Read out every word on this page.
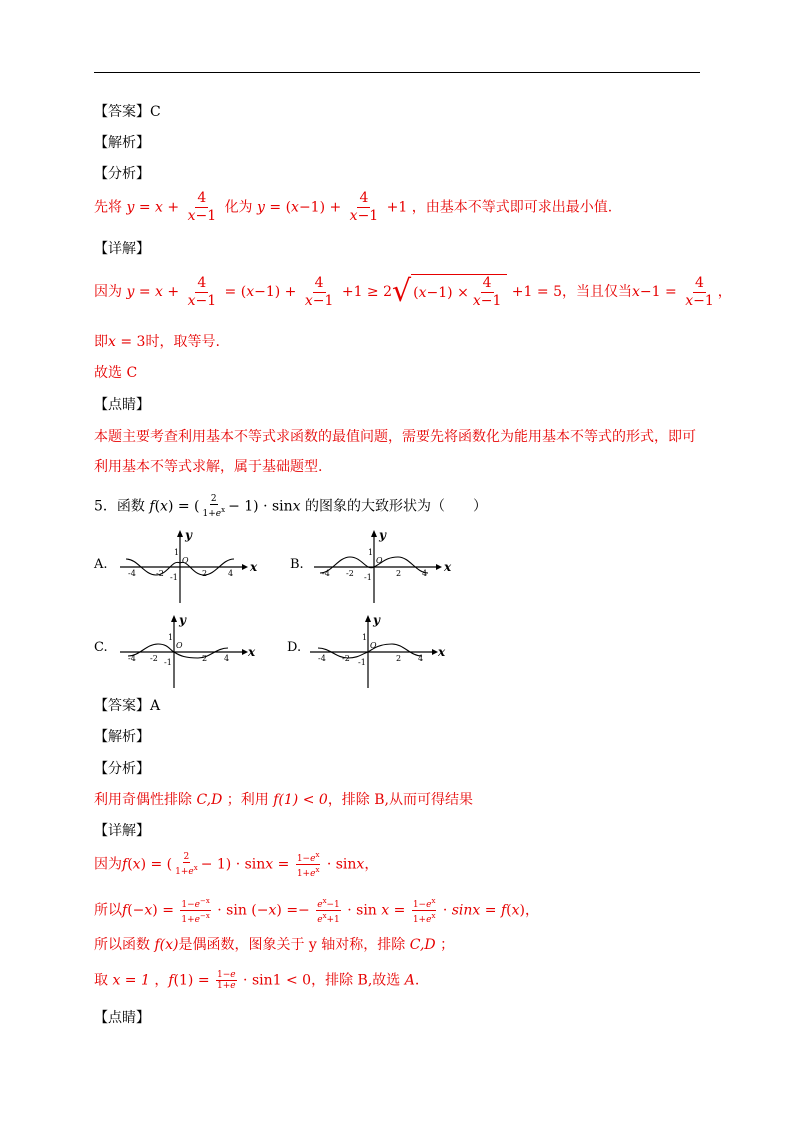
【答案】C
【解析】
【分析】
先将 $y = x + \frac{4}{x-1}$ 化为 $y = (x-1) + \frac{4}{x-1} +1$ ，由基本不等式即可求出最小值.
【详解】
因为 $y = x + \frac{4}{x-1} = (x-1) + \frac{4}{x-1} +1 \ge 2$ √ ( $x -1) \times \frac{4}{x-1} +1 = 5$，当且仅当$x-1 = \frac{4}{x-1}$ ，
即x = 3时，取等号.
故选 C
【点睛】
本题主要考查利用基本不等式求函数的最值问题，需要先将函数化为能用基本不等式的形式，即可
利用基本不等式求解，属于基础题型.
5．函数 f(x) = ( $\frac{2}{1+e^x} - 1) \cdot \sin x$ 的图象的大致形状为（　　）
A.
-4	-2	2	4
1
-1
O
y
x	B.
-4 -2	2	4
1
-1
O
y
x
C.
-4 -2	2 4
1
-1
O
y
x D.
-4 -2	2 4
1
-1
O
y
x
【答案】A
【解析】
【分析】
利用奇偶性排除 C,D ；利用 f(1) < 0，排除 B,从而可得结果
【详解】
因为f(x) = ( $\frac{2}{1+e^x} - 1) \cdot \sin x = \frac{1-e^x}{1+e^x} \cdot \sin x$，
所以$f(-x) = \frac{1-e^{-x}}{1+e^{-x}} \cdot \sin (-x) =- \frac{e^x-1}{e^x+1} \cdot \sin x = \frac{1-e^x}{1+e^x} \cdot \sin x = f(x)$，
所以函数 f(x)是偶函数，图象关于 y 轴对称，排除 C,D ；
取 x = 1 ，$f(1) = \frac{1-e}{1+e} \cdot \sin 1 < 0$，排除 B,故选 A.
【点睛】
